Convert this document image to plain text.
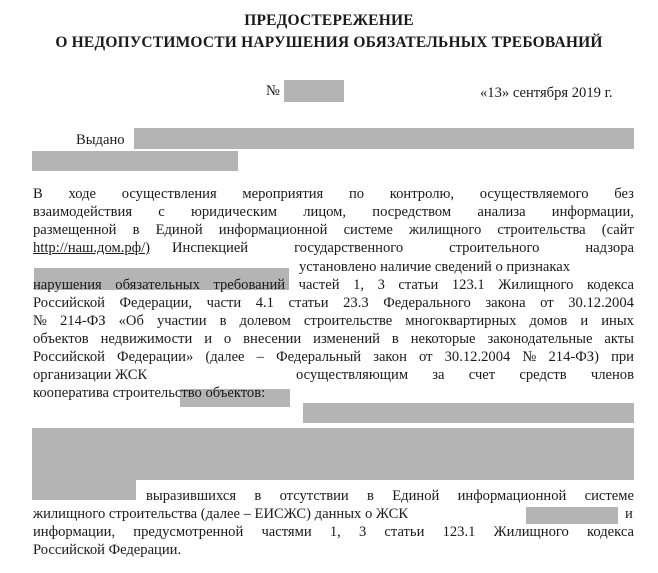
ПРЕДОСТЕРЕЖЕНИЕ
О НЕДОПУСТИМОСТИ НАРУШЕНИЯ ОБЯЗАТЕЛЬНЫХ ТРЕБОВАНИЙ
№	«13» сентября 2019 г.
Выдано
В ходе осуществления мероприятия по контролю, осуществляемого без
взаимодействия с юридическим лицом, посредством анализа информации,
размещенной в Единой информационной системе жилищного строительства (сайт
http://наш.дом.рф/) Инспекцией	государственного	строительного	надзора
установлено наличие сведений о признаках
нарушения обязательных требований частей 1, 3 статьи 123.1 Жилищного кодекса
Российской Федерации, части 4.1 статьи 23.3 Федерального закона от 30.12.2004
№ 214-ФЗ «Об участии в долевом строительстве многоквартирных домов и иных
объектов недвижимости и о внесении изменений в некоторые законодательные акты
Российской Федерации» (далее – Федеральный закон от 30.12.2004 № 214-ФЗ) при
организации ЖСК	осуществляющим за счет средств членов
кооператива строительство объектов:
выразившихся в отсутствии в Единой информационной системе
жилищного строительства (далее – ЕИСЖС) данных о ЖСК	и
информации, предусмотренной частями 1, 3 статьи 123.1 Жилищного кодекса
Российской Федерации.
